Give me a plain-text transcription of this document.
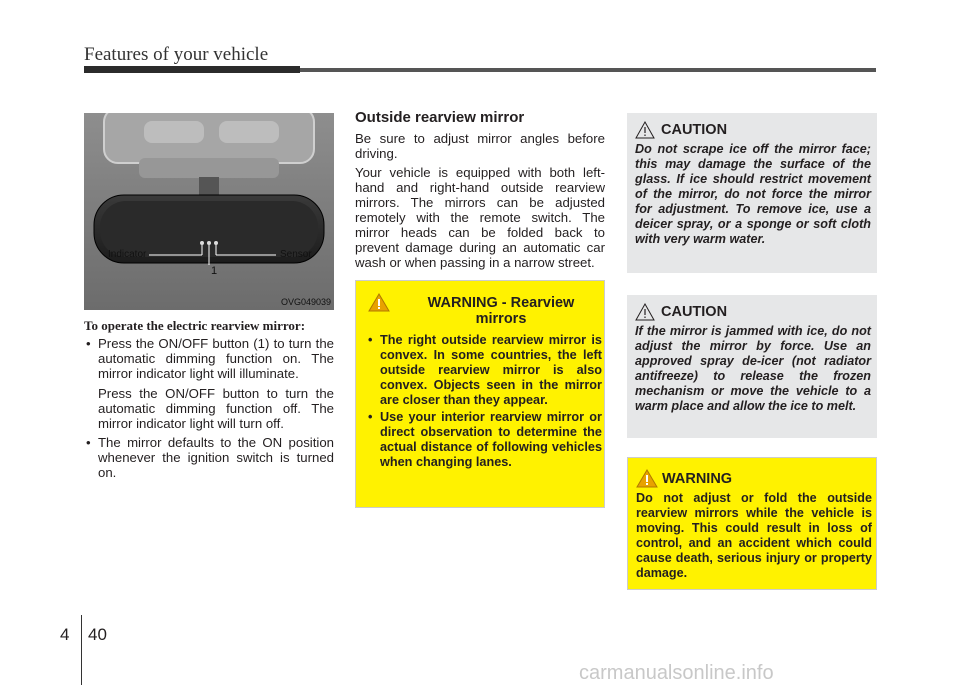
Features of your vehicle
Indicator	Sensor
1
OVG049039
To operate the electric rearview mirror:
• Press the ON/OFF button (1) to turn the automatic dimming function on. The mirror indicator light will illuminate.
Press the ON/OFF button to turn the automatic dimming function off. The mirror indicator light will turn off.
• The mirror defaults to the ON position whenever the ignition switch is turned on.
Outside rearview mirror

Be sure to adjust mirror angles before driving.

Your vehicle is equipped with both left-hand and right-hand outside rearview mirrors. The mirrors can be adjusted remotely with the remote switch. The mirror heads can be folded back to prevent damage during an automatic car wash or when passing in a narrow street.

WARNING - Rearview mirrors
• The right outside rearview mirror is convex. In some countries, the left outside rearview mirror is also convex. Objects seen in the mirror are closer than they appear.
• Use your interior rearview mirror or direct observation to determine the actual distance of following vehicles when changing lanes.
CAUTION
Do not scrape ice off the mirror face; this may damage the surface of the glass. If ice should restrict movement of the mirror, do not force the mirror for adjustment. To remove ice, use a deicer spray, or a sponge or soft cloth with very warm water.
CAUTION
If the mirror is jammed with ice, do not adjust the mirror by force. Use an approved spray de-icer (not radiator antifreeze) to release the frozen mechanism or move the vehicle to a warm place and allow the ice to melt.
WARNING
Do not adjust or fold the outside rearview mirrors while the vehicle is moving. This could result in loss of control, and an accident which could cause death, serious injury or property damage.
4 40
carmanualsonline.info
